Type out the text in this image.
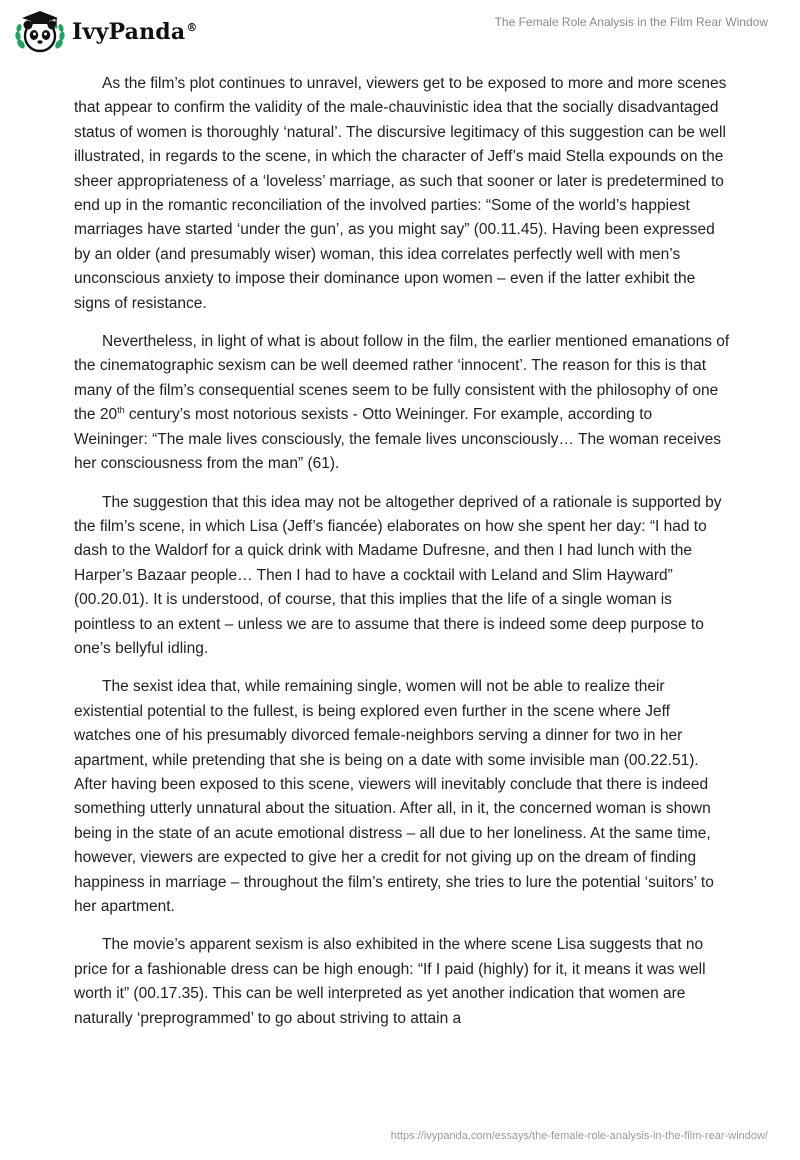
IvyPanda®	The Female Role Analysis in the Film Rear Window

As the film’s plot continues to unravel, viewers get to be exposed to more and more scenes that appear to confirm the validity of the male-chauvinistic idea that the socially disadvantaged status of women is thoroughly ‘natural’. The discursive legitimacy of this suggestion can be well illustrated, in regards to the scene, in which the character of Jeff’s maid Stella expounds on the sheer appropriateness of a ‘loveless’ marriage, as such that sooner or later is predetermined to end up in the romantic reconciliation of the involved parties: “Some of the world’s happiest marriages have started ‘under the gun’, as you might say” (00.11.45). Having been expressed by an older (and presumably wiser) woman, this idea correlates perfectly well with men’s unconscious anxiety to impose their dominance upon women – even if the latter exhibit the signs of resistance.

Nevertheless, in light of what is about follow in the film, the earlier mentioned emanations of the cinematographic sexism can be well deemed rather ‘innocent’. The reason for this is that many of the film’s consequential scenes seem to be fully consistent with the philosophy of one the 20th century’s most notorious sexists - Otto Weininger. For example, according to Weininger: “The male lives consciously, the female lives unconsciously… The woman receives her consciousness from the man” (61).

The suggestion that this idea may not be altogether deprived of a rationale is supported by the film’s scene, in which Lisa (Jeff’s fiancée) elaborates on how she spent her day: “I had to dash to the Waldorf for a quick drink with Madame Dufresne, and then I had lunch with the Harper’s Bazaar people… Then I had to have a cocktail with Leland and Slim Hayward” (00.20.01). It is understood, of course, that this implies that the life of a single woman is pointless to an extent – unless we are to assume that there is indeed some deep purpose to one’s bellyful idling.

The sexist idea that, while remaining single, women will not be able to realize their existential potential to the fullest, is being explored even further in the scene where Jeff watches one of his presumably divorced female-neighbors serving a dinner for two in her apartment, while pretending that she is being on a date with some invisible man (00.22.51). After having been exposed to this scene, viewers will inevitably conclude that there is indeed something utterly unnatural about the situation. After all, in it, the concerned woman is shown being in the state of an acute emotional distress – all due to her loneliness. At the same time, however, viewers are expected to give her a credit for not giving up on the dream of finding happiness in marriage – throughout the film’s entirety, she tries to lure the potential ‘suitors’ to her apartment.

The movie’s apparent sexism is also exhibited in the where scene Lisa suggests that no price for a fashionable dress can be high enough: “If I paid (highly) for it, it means it was well worth it” (00.17.35). This can be well interpreted as yet another indication that women are naturally ‘preprogrammed’ to go about striving to attain a

https://ivypanda.com/essays/the-female-role-analysis-in-the-film-rear-window/
